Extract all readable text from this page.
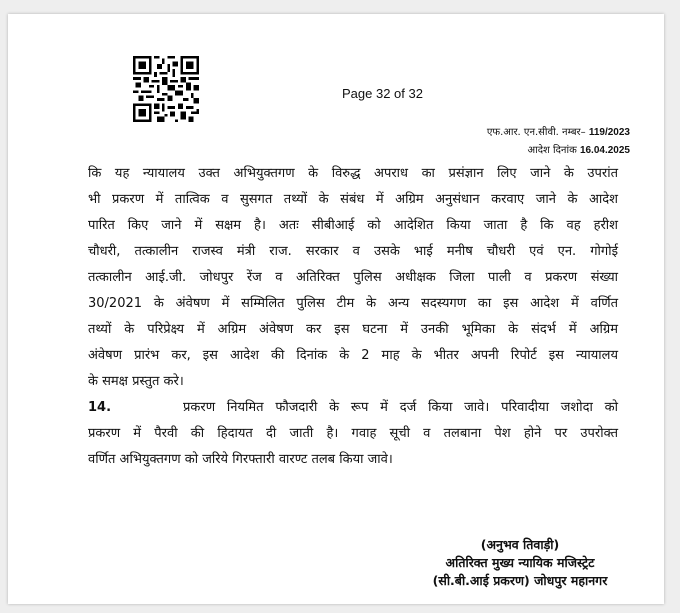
Page 32 of 32
एफ.आर. एन.सीवी. नम्बर– 119/2023
आदेश दिनांक 16.04.2025
कि यह न्यायालय उक्त अभियुक्तगण के विरुद्ध अपराध का प्रसंज्ञान लिए जाने के उपरांत
भी प्रकरण में तात्विक व सुसगत तथ्यों के संबंध में अग्रिम अनुसंधान करवाए जाने के आदेश
पारित किए जाने में सक्षम है। अतः सीबीआई को आदेशित किया जाता है कि वह हरीश
चौधरी, तत्कालीन राजस्व मंत्री राज. सरकार व उसके भाई मनीष चौधरी एवं एन. गोगोई
तत्कालीन आई.जी. जोधपुर रेंज व अतिरिक्त पुलिस अधीक्षक जिला पाली व प्रकरण संख्या
30/2021 के अंवेषण में सम्मिलित पुलिस टीम के अन्य सदस्यगण का इस आदेश में वर्णित
तथ्यों के परिप्रेक्ष्य में अग्रिम अंवेषण कर इस घटना में उनकी भूमिका के संदर्भ में अग्रिम
अंवेषण प्रारंभ कर, इस आदेश की दिनांक के 2 माह के भीतर अपनी रिपोर्ट इस न्यायालय
के समक्ष प्रस्तुत करे।
14.	प्रकरण नियमित फौजदारी के रूप में दर्ज किया जावे। परिवादीया जशोदा को
प्रकरण में पैरवी की हिदायत दी जाती है। गवाह सूची व तलबाना पेश होने पर उपरोक्त
वर्णित अभियुक्तगण को जरिये गिरफ्तारी वारण्ट तलब किया जावे।
(अनुभव तिवाड़ी)
अतिरिक्त मुख्य न्यायिक मजिस्ट्रेट
(सी.बी.आई प्रकरण) जोधपुर महानगर
